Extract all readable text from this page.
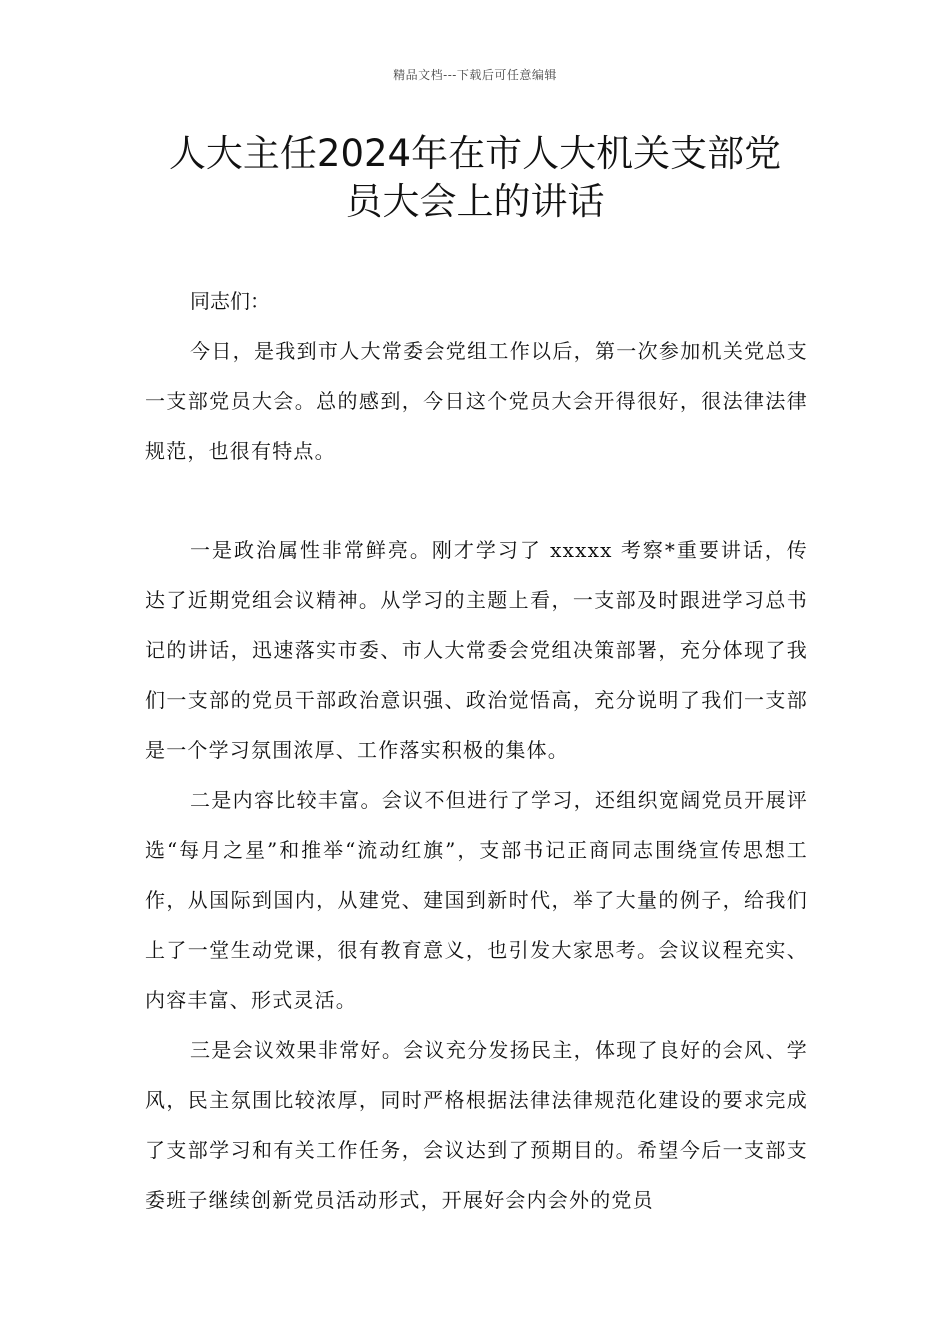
精品文档---下载后可任意编辑
人大主任2024年在市人大机关支部党
员大会上的讲话
同志们：

今日，是我到市人大常委会党组工作以后，第一次参加机关党总支一支部党员大会。总的感到，今日这个党员大会开得很好，很法律法律规范，也很有特点。

一是政治属性非常鲜亮。刚才学习了 xxxxx 考察*重要讲话，传达了近期党组会议精神。从学习的主题上看，一支部及时跟进学习总书记的讲话，迅速落实市委、市人大常委会党组决策部署，充分体现了我们一支部的党员干部政治意识强、政治觉悟高，充分说明了我们一支部是一个学习氛围浓厚、工作落实积极的集体。

二是内容比较丰富。会议不但进行了学习，还组织宽阔党员开展评选“每月之星”和推举“流动红旗”，支部书记正商同志围绕宣传思想工作，从国际到国内，从建党、建国到新时代，举了大量的例子，给我们上了一堂生动党课，很有教育意义，也引发大家思考。会议议程充实、内容丰富、形式灵活。

三是会议效果非常好。会议充分发扬民主，体现了良好的会风、学风，民主氛围比较浓厚，同时严格根据法律法律规范化建设的要求完成了支部学习和有关工作任务，会议达到了预期目的。希望今后一支部支委班子继续创新党员活动形式，开展好会内会外的党员
